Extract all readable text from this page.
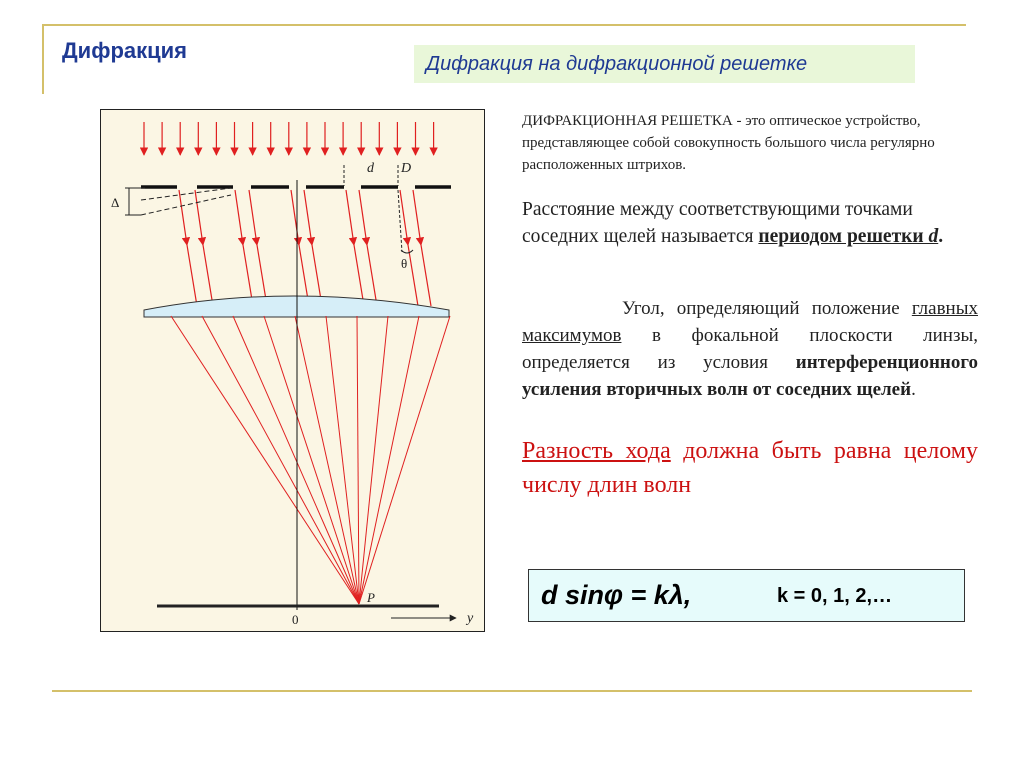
Дифракция
Дифракция на дифракционной решетке
d D
Δ
θ
P
0	y
ДИФРАКЦИОННАЯ РЕШЕТКА - это оптическое устройство, представляющее собой совокупность большого числа регулярно расположенных штрихов.
Расстояние между соответствующими точками соседних щелей называется периодом решетки d.
Угол, определяющий положение главных максимумов в фокальной плоскости линзы, определяется из условия интерференционного усиления вторичных волн от соседних щелей.
Разность хода должна быть равна целому числу длин волн
d sinφ = kλ,	k = 0, 1, 2,…
